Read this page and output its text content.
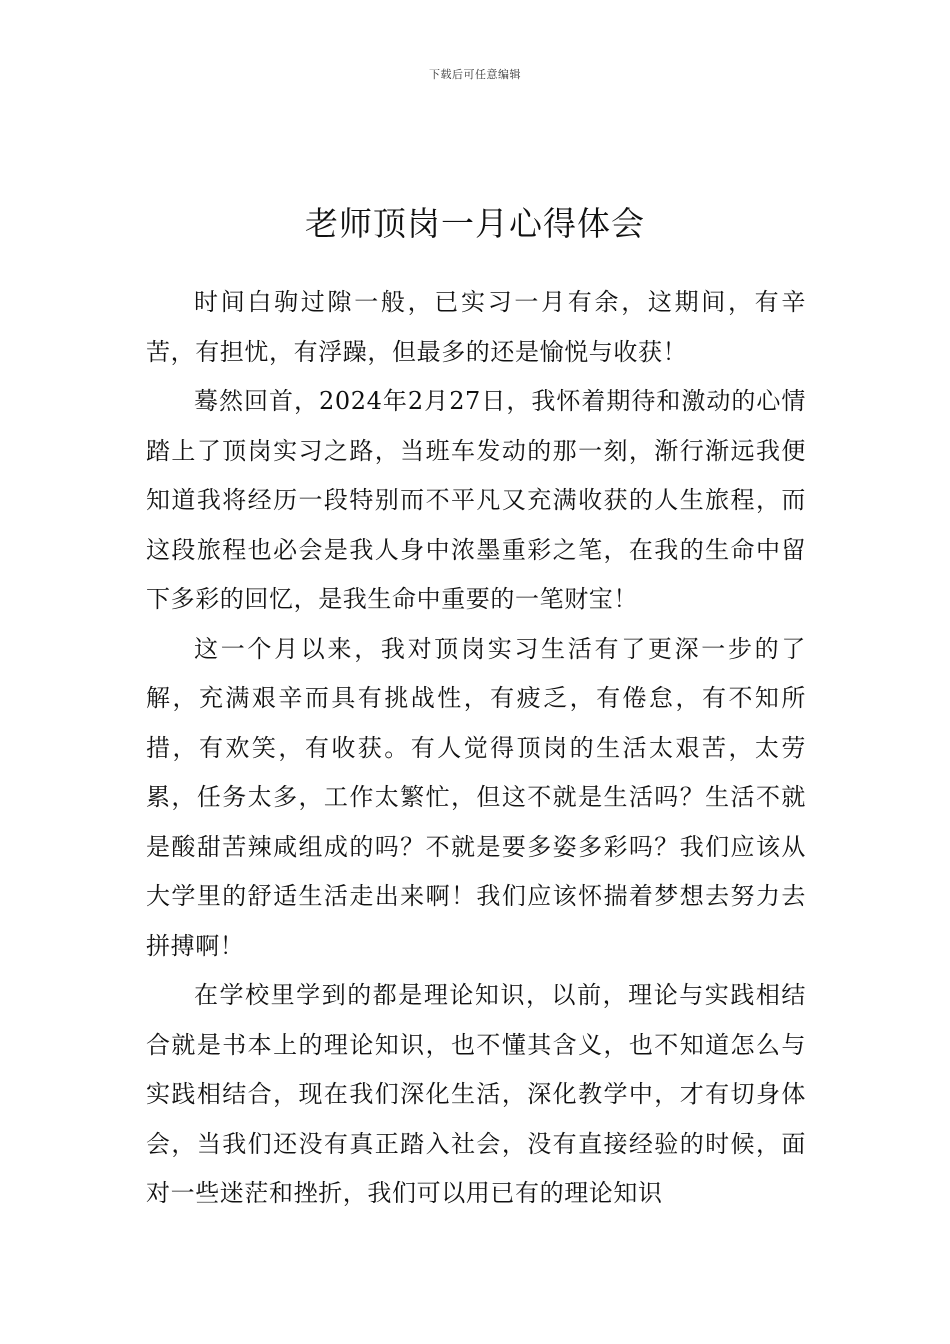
下载后可任意编辑
老师顶岗一月心得体会

时间白驹过隙一般，已实习一月有余，这期间，有辛苦，有担忧，有浮躁，但最多的还是愉悦与收获！

蓦然回首，2024年2月27日，我怀着期待和激动的心情踏上了顶岗实习之路，当班车发动的那一刻，渐行渐远我便知道我将经历一段特别而不平凡又充满收获的人生旅程，而这段旅程也必会是我人身中浓墨重彩之笔，在我的生命中留下多彩的回忆，是我生命中重要的一笔财宝！

这一个月以来，我对顶岗实习生活有了更深一步的了解，充满艰辛而具有挑战性，有疲乏，有倦怠，有不知所措，有欢笑，有收获。有人觉得顶岗的生活太艰苦，太劳累，任务太多，工作太繁忙，但这不就是生活吗？生活不就是酸甜苦辣咸组成的吗？不就是要多姿多彩吗？我们应该从大学里的舒适生活走出来啊！我们应该怀揣着梦想去努力去拼搏啊！

在学校里学到的都是理论知识，以前，理论与实践相结合就是书本上的理论知识，也不懂其含义，也不知道怎么与实践相结合，现在我们深化生活，深化教学中，才有切身体会，当我们还没有真正踏入社会，没有直接经验的时候，面对一些迷茫和挫折，我们可以用已有的理论知识
